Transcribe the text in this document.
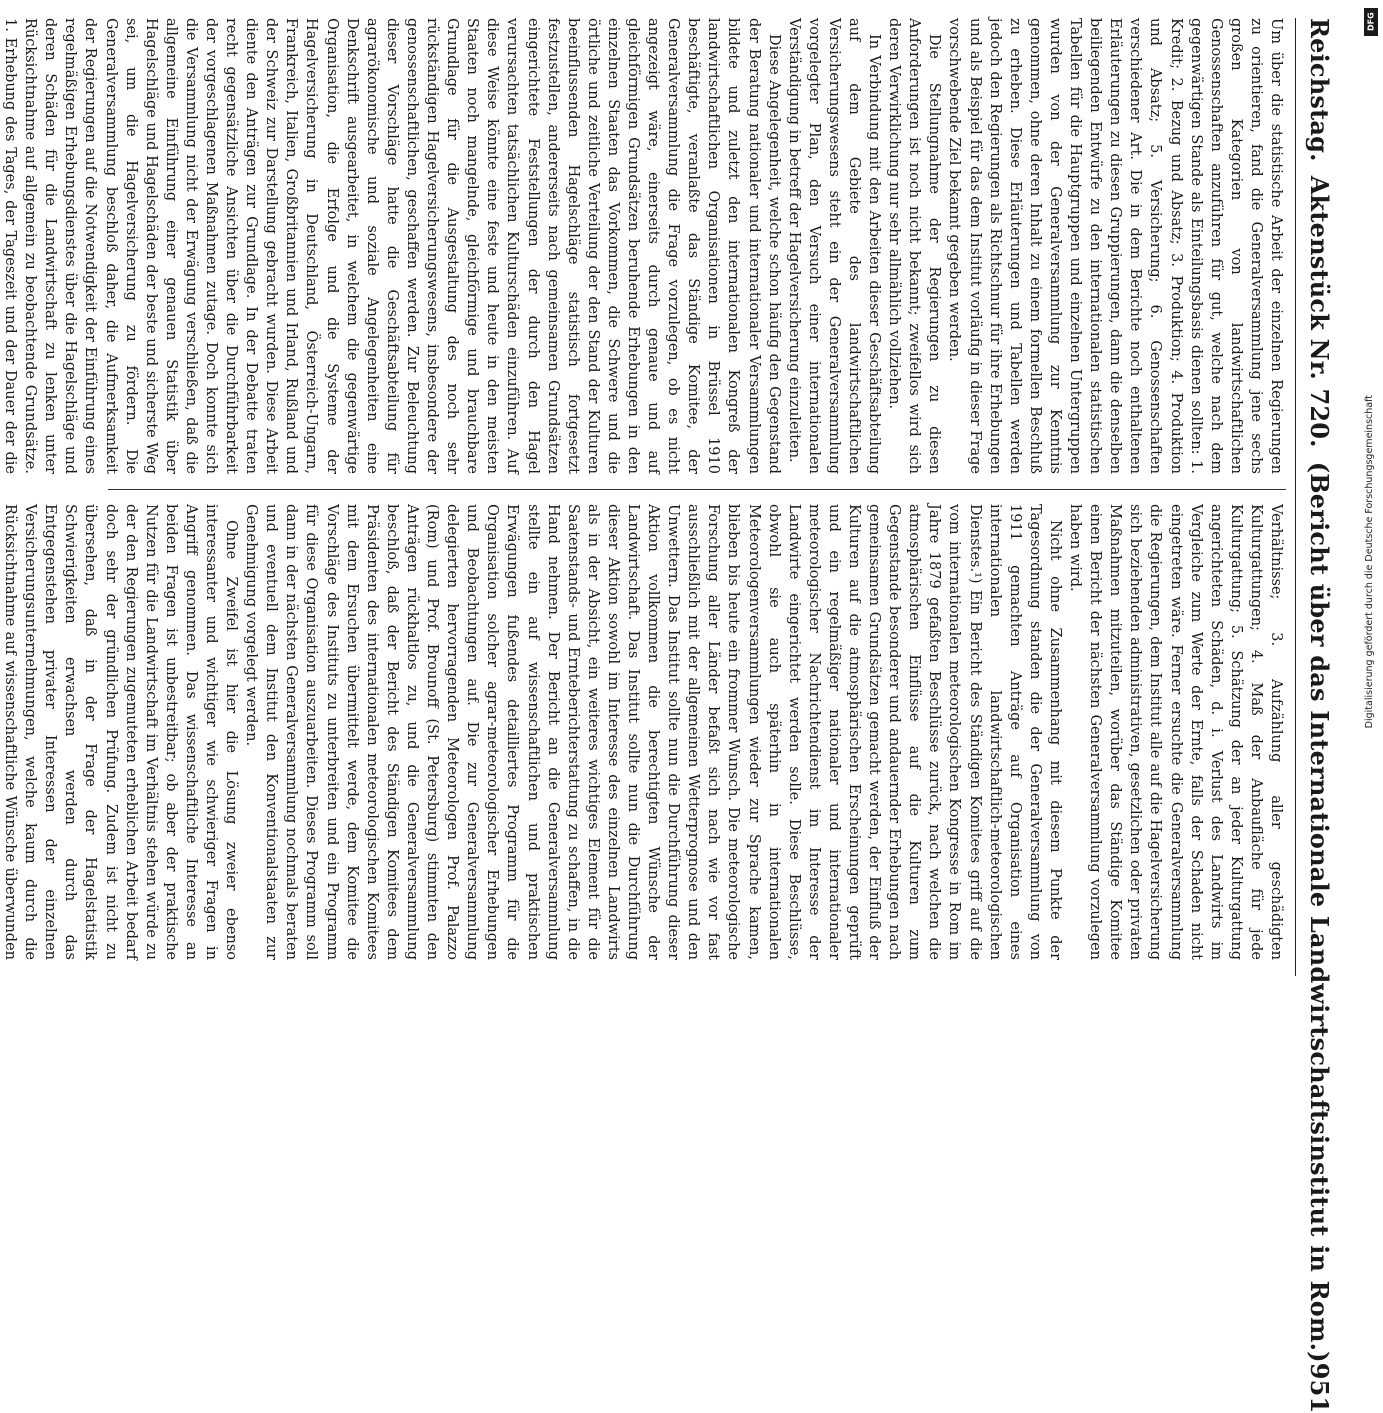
Reichstag.
Aktenstück Nr. 720.
(Bericht über das Internationale Landwirtschaftsinstitut in Rom.)
951

Um über die statistische Arbeit der einzelnen Regierungen zu orientieren, fand die Generalversammlung jene sechs großen Kategorien von landwirtschaftlichen Genossenschaften anzuführen für gut, welche nach dem gegenwärtigen Stande als Einteilungsbasis dienen sollten: 1. Kredit; 2. Bezug und Absatz; 3. Produktion; 4. Produktion und Absatz; 5. Versicherung; 6. Genossenschaften verschiedener Art. Die in dem Berichte noch enthaltenen Erläuterungen zu diesen Gruppierungen, dann die denselben beiliegenden Entwürfe zu den internationalen statistischen Tabellen für die Hauptgruppen und einzelnen Untergruppen wurden von der Generalversammlung zur Kenntnis genommen, ohne deren Inhalt zu einem formellen Beschluß zu erheben. Diese Erläuterungen und Tabellen werden jedoch den Regierungen als Richtschnur für ihre Erhebungen und als Beispiel für das dem Institut vorläufig in dieser Frage vorschwebende Ziel bekannt gegeben werden.

Die Stellungnahme der Regierungen zu diesen Anforderungen ist noch nicht bekannt; zweifellos wird sich deren Verwirklichung nur sehr allmählich vollziehen.

In Verbindung mit den Arbeiten dieser Geschäftsabteilung auf dem Gebiete des landwirtschaftlichen Versicherungswesens steht ein der Generalversammlung vorgelegter Plan, den Versuch einer internationalen Verständigung in betreff der Hagelversicherung einzuleiten.

Diese Angelegenheit, welche schon häufig den Gegenstand der Beratung nationaler und internationaler Versammlungen bildete und zuletzt den internationalen Kongreß der landwirtschaftlichen Organisationen in Brüssel 1910 beschäftigte, veranlaßte das Ständige Komitee, der Generalversammlung die Frage vorzulegen, ob es nicht angezeigt wäre, einerseits durch genaue und auf gleichförmigen Grundsätzen beruhende Erhebungen in den einzelnen Staaten das Vorkommen, die Schwere und die örtliche und zeitliche Verteilung der den Stand der Kulturen beeinflussenden Hagelschläge statistisch fortgesetzt festzustellen, andererseits nach gemeinsamen Grundsätzen eingerichtete Feststellungen der durch den Hagel verursachten tatsächlichen Kulturschäden einzuführen. Auf diese Weise könnte eine feste und heute in den meisten Staaten noch mangelnde, gleichförmige und brauchbare Grundlage für die Ausgestaltung des noch sehr rückständigen Hagelversicherungswesens, insbesondere der genossenschaftlichen, geschaffen werden. Zur Beleuchtung dieser Vorschläge hatte die Geschäftsabteilung für agrarökonomische und soziale Angelegenheiten eine Denkschrift ausgearbeitet, in welchem die gegenwärtige Organisation, die Erfolge und die Systeme der Hagelversicherung in Deutschland, Österreich-Ungarn, Frankreich, Italien, Großbritannien und Irland, Rußland und der Schweiz zur Darstellung gebracht wurden. Diese Arbeit diente den Anträgen zur Grundlage. In der Debatte traten recht gegensätzliche Ansichten über die Durchführbarkeit der vorgeschlagenen Maßnahmen zutage. Doch konnte sich die Versammlung nicht der Erwägung verschließen, daß die allgemeine Einführung einer genauen Statistik über Hagelschläge und Hagelschäden der beste und sicherste Weg sei, um die Hagelversicherung zu fördern. Die Generalversammlung beschloß daher, die Aufmerksamkeit der Regierungen auf die Notwendigkeit der Einführung eines regelmäßigen Erhebungsdienstes über die Hagelschläge und deren Schäden für die Landwirtschaft zu lenken unter Rücksichtnahme auf allgemein zu beobachtende Grundsätze. 1. Erhebung des Tages, der Tageszeit und der Dauer der die

Verhältnisse; 3. Aufzählung aller geschädigten Kulturgattungen; 4. Maß der Anbaufläche für jede Kulturgattung; 5. Schätzung der an jeder Kulturgattung angerichteten Schäden, d. i. Verlust des Landwirts im Vergleiche zum Werte der Ernte, falls der Schaden nicht eingetreten wäre. Ferner ersuchte die Generalversammlung die Regierungen, dem Institut alle auf die Hagelversicherung sich beziehenden administrativen, gesetzlichen oder privaten Maßnahmen mitzuteilen, worüber das Ständige Komitee einen Bericht der nächsten Generalversammlung vorzulegen haben wird.

Nicht ohne Zusammenhang mit diesem Punkte der Tagesordnung standen die der Generalversammlung von 1911 gemachten Anträge auf Organisation eines internationalen landwirtschaftlich-meteorologischen Dienstes.¹) Ein Bericht des Ständigen Komitees griff auf die vom internationalen meteorologischen Kongresse in Rom im Jahre 1879 gefaßten Beschlüsse zurück, nach welchen die atmosphärischen Einflüsse auf die Kulturen zum Gegenstande besonderer und andauernder Erhebungen nach gemeinsamen Grundsätzen gemacht werden, der Einfluß der Kulturen auf die atmosphärischen Erscheinungen geprüft und ein regelmäßiger nationaler und internationaler meteorologischer Nachrichtendienst im Interesse der Landwirte eingerichtet werden solle. Diese Beschlüsse, obwohl sie auch späterhin in internationalen Meteorologenversammlungen wieder zur Sprache kamen, blieben bis heute ein frommer Wunsch. Die meteorologische Forschung aller Länder befaßt sich nach wie vor fast ausschließlich mit der allgemeinen Wetterprognose und den Unwettern. Das Institut sollte nun die Durchführung dieser Aktion vollkommen die berechtigten Wünsche der Landwirtschaft. Das Institut sollte nun die Durchführung dieser Aktion sowohl im Interesse des einzelnen Landwirts als in der Absicht, ein weiteres wichtiges Element für die Saatenstands- und Ernteberichterstattung zu schaffen, in die Hand nehmen. Der Bericht an die Generalversammlung stellte ein auf wissenschaftlichen und praktischen Erwägungen fußendes detailliertes Programm für die Organisation solcher agrar-meteorologischer Erhebungen und Beobachtungen auf. Die zur Generalversammlung delegierten hervorragenden Meteorologen Prof. Palazzo (Rom) und Prof. Brounoff (St. Petersburg) stimmten den Anträgen rückhaltlos zu, und die Generalversammlung beschloß, daß der Bericht des Ständigen Komitees dem Präsidenten des internationalen meteorologischen Komitees mit dem Ersuchen übermittelt werde, dem Komitee die Vorschläge des Instituts zu unterbreiten und ein Programm für diese Organisation auszuarbeiten. Dieses Programm soll dann in der nächsten Generalversammlung nochmals beraten und eventuell dem Institut den Konventionalstaaten zur Genehmigung vorgelegt werden.

Ohne Zweifel ist hier die Lösung zweier ebenso interessanter und wichtiger wie schwieriger Fragen in Angriff genommen. Das wissenschaftliche Interesse an beiden Fragen ist unbestreitbar; ob aber der praktische Nutzen für die Landwirtschaft im Verhältnis stehen würde zu der den Regierungen zugemuteten erheblichen Arbeit bedarf doch sehr der gründlichen Prüfung. Zudem ist nicht zu übersehen, daß in der Frage der Hagelstatistik Schwierigkeiten erwachsen werden durch das Entgegenstehen privater Interessen der einzelnen Versicherungsunternehmungen, welche kaum durch die Rücksichtnahme auf wissenschaftliche Wünsche überwunden

DFG
Digitalisierung gefördert durch die Deutsche Forschungsgemeinschaft
